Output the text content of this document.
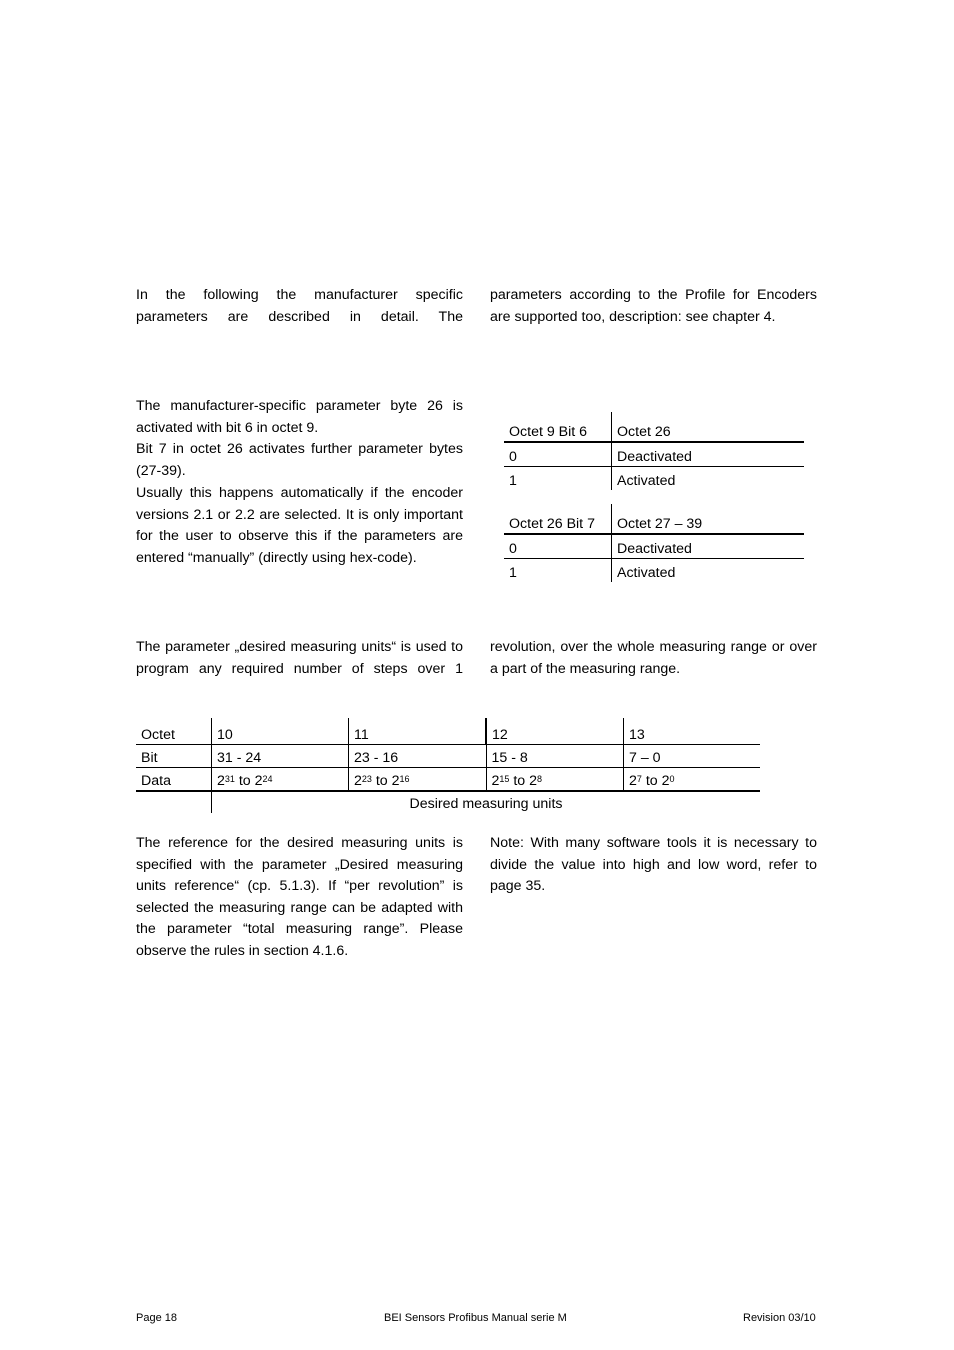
In the following the manufacturer specific parameters are described in detail. The

parameters according to the Profile for Encoders are supported too, description: see chapter 4.

The manufacturer-specific parameter byte 26 is activated with bit 6 in octet 9.

Bit 7 in octet 26 activates further parameter bytes (27-39).

Usually this happens automatically if the encoder versions 2.1 or 2.2 are selected. It is only important for the user to observe this if the parameters are entered “manually” (directly using hex-code).

Octet 9 Bit 6	Octet 26
0	Deactivated
1	Activated
Octet 26 Bit 7	Octet 27 – 39
0	Deactivated
1	Activated

The parameter „desired measuring units“ is used to program any required number of steps over 1

revolution, over the whole measuring range or over a part of the measuring range.

Octet	10	11	12	13
Bit	31 - 24	23 - 16	15 - 8	7 – 0
Data	$2^{31}$ to $2^{24}$	$2^{23}$ to $2^{16}$	$2^{15}$ to $2^8$	$2^7$ to $2^0$
	Desired measuring units			

The reference for the desired measuring units is specified with the parameter „Desired measuring units reference“ (cp. 5.1.3). If “per revolution” is selected the measuring range can be adapted with the parameter “total measuring range”. Please observe the rules in section 4.1.6.

Note: With many software tools it is necessary to divide the value into high and low word, refer to page 35.

Page 18	BEI Sensors Profibus Manual serie M	Revision 03/10
